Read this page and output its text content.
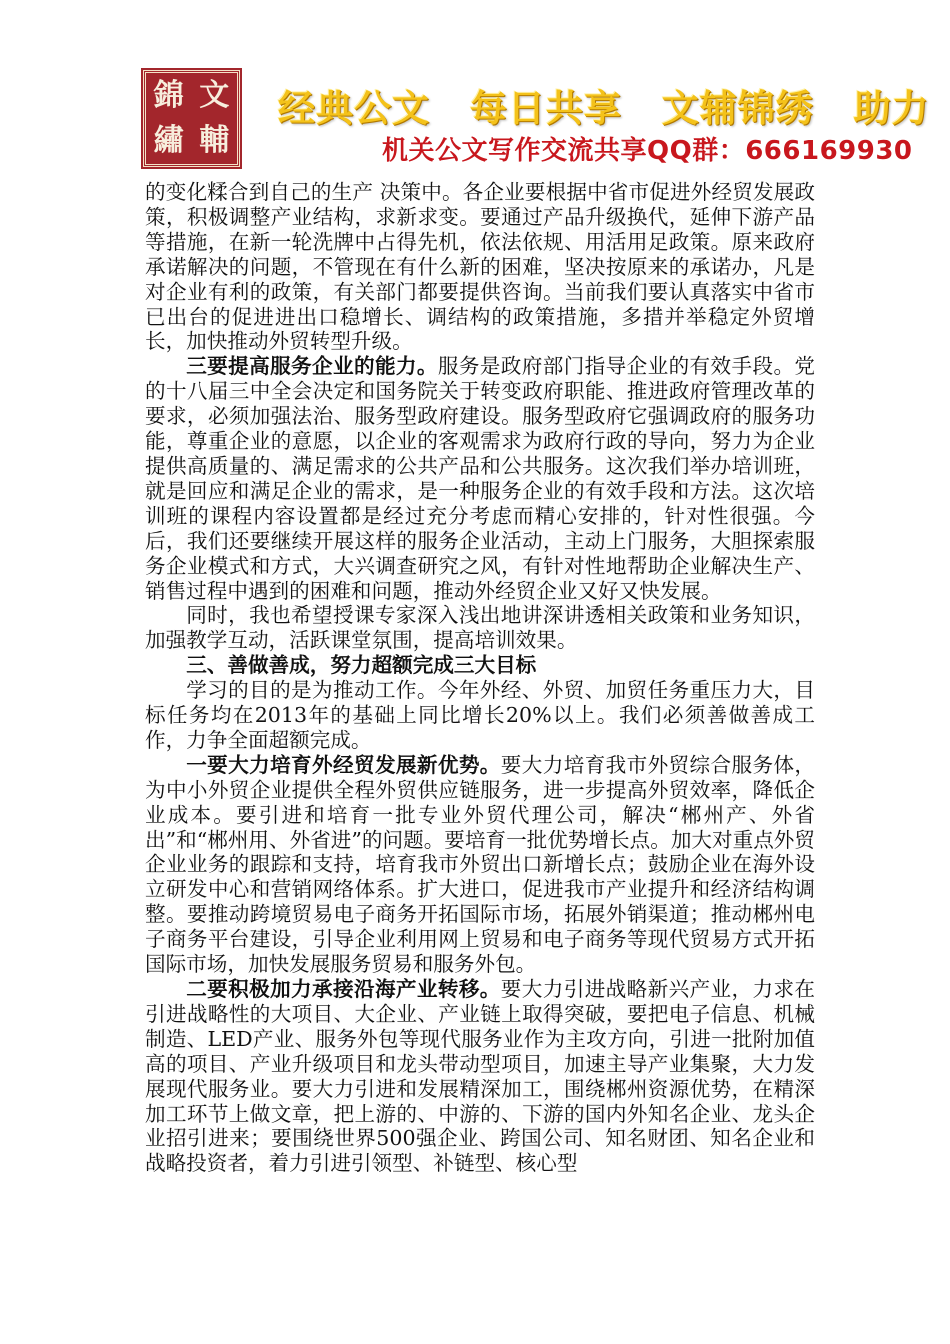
錦 文
繡 輔
经典公文 每日共享 文辅锦绣 助力
机关公文写作交流共享QQ群：666169930

的变化糅合到自己的生产 决策中。各企业要根据中省市促进外经贸发展政策，积极调整产业结构，求新求变。要通过产品升级换代，延伸下游产品等措施，在新一轮洗牌中占得先机，依法依规、用活用足政策。原来政府承诺解决的问题，不管现在有什么新的困难，坚决按原来的承诺办，凡是对企业有利的政策，有关部门都要提供咨询。当前我们要认真落实中省市已出台的促进进出口稳增长、调结构的政策措施，多措并举稳定外贸增长，加快推动外贸转型升级。

三要提高服务企业的能力。服务是政府部门指导企业的有效手段。党的十八届三中全会决定和国务院关于转变政府职能、推进政府管理改革的要求，必须加强法治、服务型政府建设。服务型政府它强调政府的服务功能，尊重企业的意愿，以企业的客观需求为政府行政的导向，努力为企业提供高质量的、满足需求的公共产品和公共服务。这次我们举办培训班，就是回应和满足企业的需求，是一种服务企业的有效手段和方法。这次培训班的课程内容设置都是经过充分考虑而精心安排的，针对性很强。今后，我们还要继续开展这样的服务企业活动，主动上门服务，大胆探索服务企业模式和方式，大兴调查研究之风，有针对性地帮助企业解决生产、销售过程中遇到的困难和问题，推动外经贸企业又好又快发展。

同时，我也希望授课专家深入浅出地讲深讲透相关政策和业务知识，加强教学互动，活跃课堂氛围，提高培训效果。

三、善做善成，努力超额完成三大目标

学习的目的是为推动工作。今年外经、外贸、加贸任务重压力大，目标任务均在2013年的基础上同比增长20%以上。我们必须善做善成工作，力争全面超额完成。

一要大力培育外经贸发展新优势。要大力培育我市外贸综合服务体，为中小外贸企业提供全程外贸供应链服务，进一步提高外贸效率，降低企业成本。要引进和培育一批专业外贸代理公司，解决“郴州产、外省出”和“郴州用、外省进”的问题。要培育一批优势增长点。加大对重点外贸企业业务的跟踪和支持，培育我市外贸出口新增长点；鼓励企业在海外设立研发中心和营销网络体系。扩大进口，促进我市产业提升和经济结构调整。要推动跨境贸易电子商务开拓国际市场，拓展外销渠道；推动郴州电子商务平台建设，引导企业利用网上贸易和电子商务等现代贸易方式开拓国际市场，加快发展服务贸易和服务外包。

二要积极加力承接沿海产业转移。要大力引进战略新兴产业，力求在引进战略性的大项目、大企业、产业链上取得突破，要把电子信息、机械制造、LED产业、服务外包等现代服务业作为主攻方向，引进一批附加值高的项目、产业升级项目和龙头带动型项目，加速主导产业集聚，大力发展现代服务业。要大力引进和发展精深加工，围绕郴州资源优势，在精深加工环节上做文章，把上游的、中游的、下游的国内外知名企业、龙头企业招引进来；要围绕世界500强企业、跨国公司、知名财团、知名企业和战略投资者，着力引进引领型、补链型、核心型
